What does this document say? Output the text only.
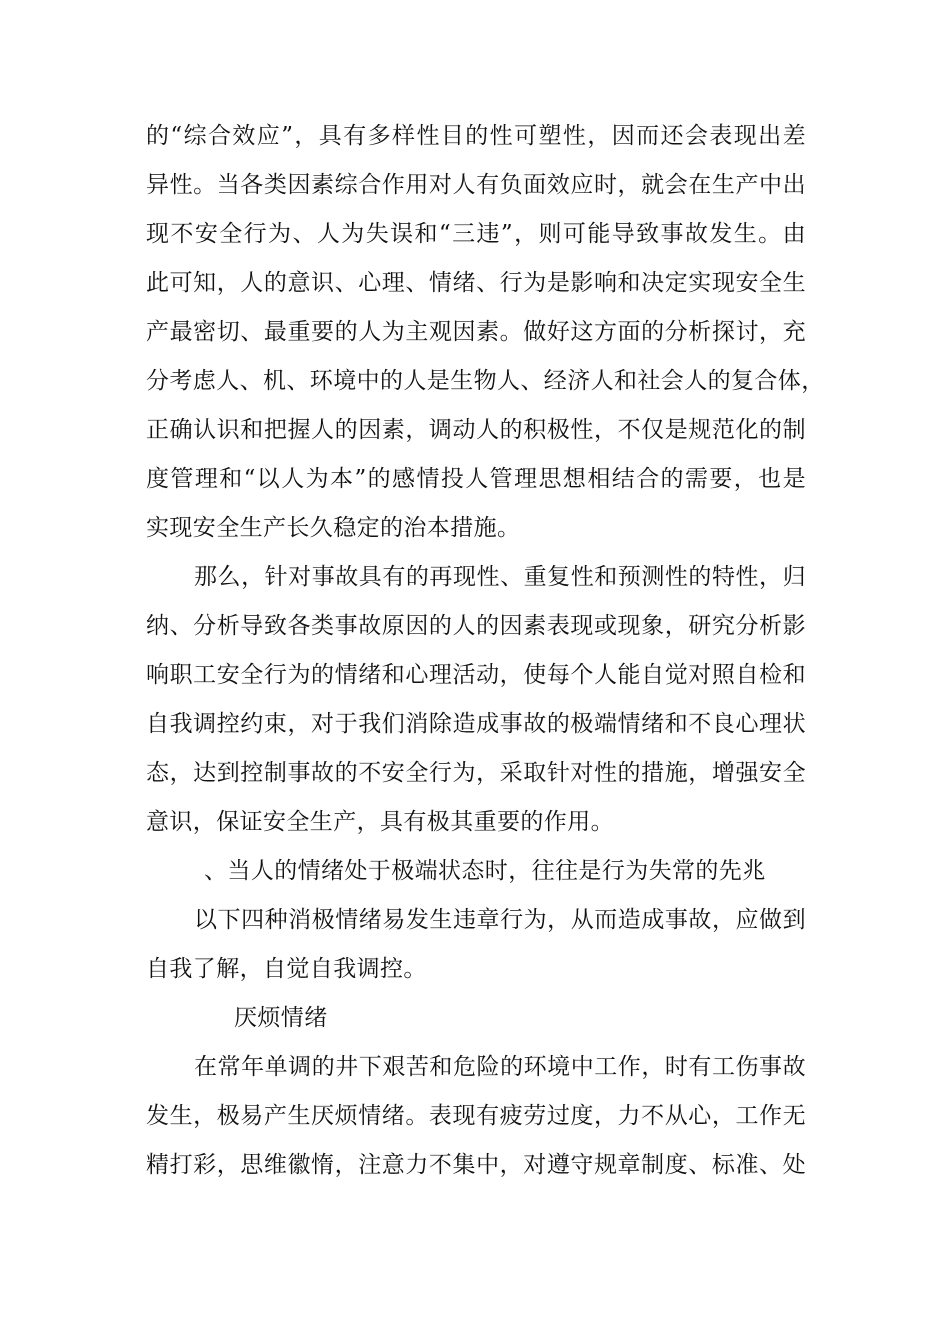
的“综合效应”，具有多样性目的性可塑性，因而还会表现出差
异性。当各类因素综合作用对人有负面效应时，就会在生产中出
现不安全行为、人为失误和“三违”，则可能导致事故发生。由
此可知，人的意识、心理、情绪、行为是影响和决定实现安全生
产最密切、最重要的人为主观因素。做好这方面的分析探讨，充
分考虑人、机、环境中的人是生物人、经济人和社会人的复合体，
正确认识和把握人的因素，调动人的积极性，不仅是规范化的制
度管理和“以人为本”的感情投人管理思想相结合的需要，也是
实现安全生产长久稳定的治本措施。
那么，针对事故具有的再现性、重复性和预测性的特性，归
纳、分析导致各类事故原因的人的因素表现或现象，研究分析影
响职工安全行为的情绪和心理活动，使每个人能自觉对照自检和
自我调控约束，对于我们消除造成事故的极端情绪和不良心理状
态，达到控制事故的不安全行为，采取针对性的措施，增强安全
意识，保证安全生产，具有极其重要的作用。
、当人的情绪处于极端状态时，往往是行为失常的先兆
以下四种消极情绪易发生违章行为，从而造成事故，应做到
自我了解，自觉自我调控。
厌烦情绪
在常年单调的井下艰苦和危险的环境中工作，时有工伤事故
发生，极易产生厌烦情绪。表现有疲劳过度，力不从心，工作无
精打彩，思维徽惰，注意力不集中，对遵守规章制度、标准、处
